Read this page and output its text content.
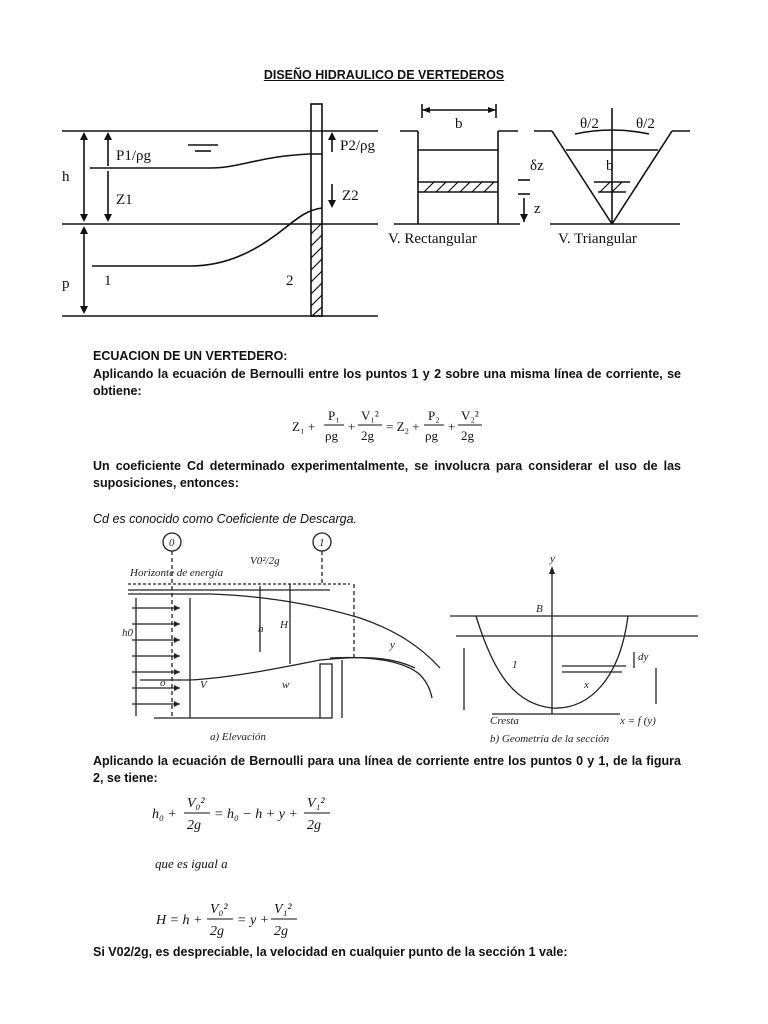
DISEÑO HIDRAULICO DE VERTEDEROS
h
p
P1/ρg
Z1
P2/ρg
Z2
1	2
b
δz
z
θ/2 θ/2
b
V. Rectangular	V. Triangular
ECUACION DE UN VERTEDERO:
Aplicando la ecuación de Bernoulli entre los puntos 1 y 2 sobre una misma línea de corriente, se obtiene:
Z₁ +
P₁
ρg
+
V₁²
2g
= Z₂ +
P₂
ρg
+
V₂²
2g
Un coeficiente Cd determinado experimentalmente, se involucra para considerar el uso de las suposiciones, entonces:
Cd es conocido como Coeficiente de Descarga.
0	1
Horizonte de energía
V0²/2g
h0
H
h
y
w
o	V
a) Elevación	b) Geometría de la sección
Cresta
B
dy
x
y
x = f (y)
1
Aplicando la ecuación de Bernoulli para una línea de corriente entre los puntos 0 y 1, de la figura 2, se tiene:
h₀ +
V₀²
2g
= h₀ − h + y +
V₁²
2g
que es igual a
H = h +
V₀²
2g
= y +
V₁²
2g
Si V02/2g, es despreciable, la velocidad en cualquier punto de la sección 1 vale:
